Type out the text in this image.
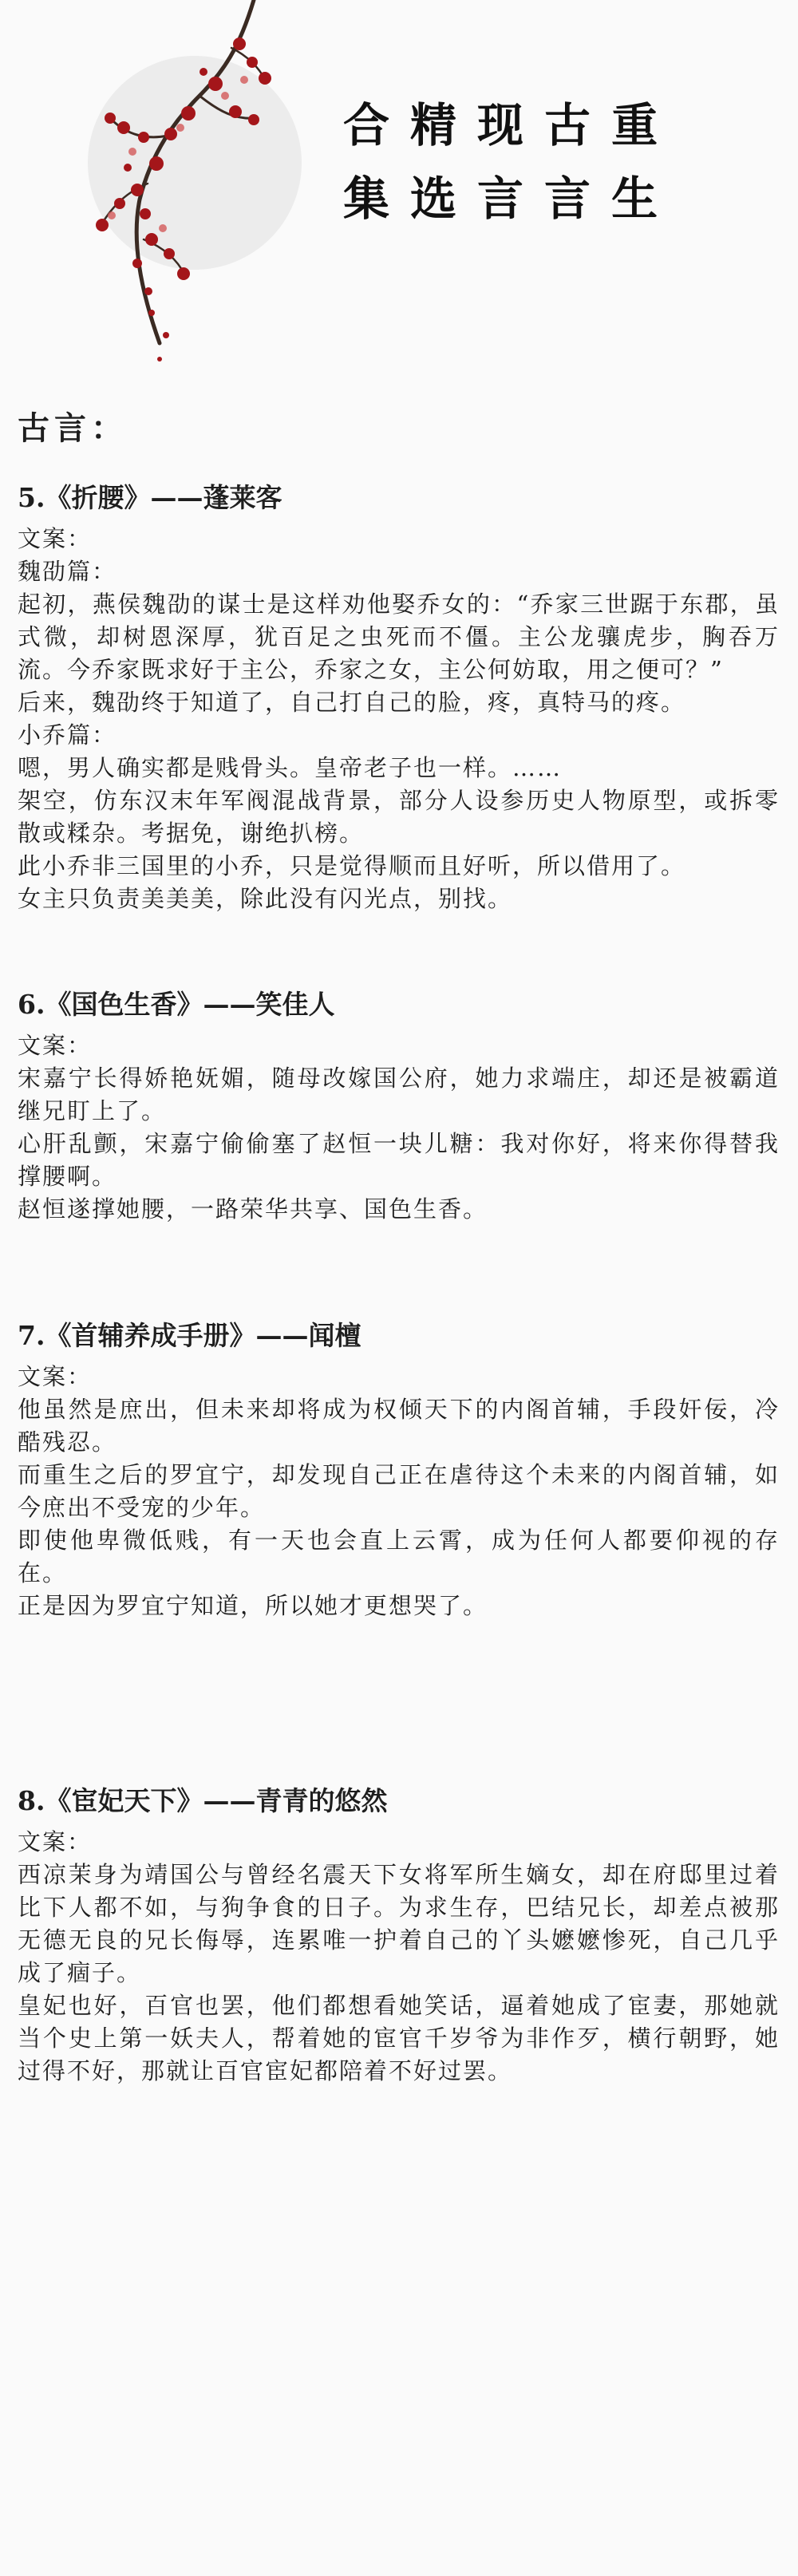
合 精 现 古 重
集 选 言 言 生
古言：
5.《折腰》——蓬莱客

文案：

魏劭篇：

起初，燕侯魏劭的谋士是这样劝他娶乔女的：“乔家三世踞于东郡，虽式微，却树恩深厚，犹百足之虫死而不僵。主公龙骧虎步，胸吞万流。今乔家既求好于主公，乔家之女，主公何妨取，用之便可？”

后来，魏劭终于知道了，自己打自己的脸，疼，真特马的疼。

小乔篇：

嗯，男人确实都是贱骨头。皇帝老子也一样。……

架空，仿东汉末年军阀混战背景，部分人设参历史人物原型，或拆零散或糅杂。考据免，谢绝扒榜。

此小乔非三国里的小乔，只是觉得顺而且好听，所以借用了。

女主只负责美美美，除此没有闪光点，别找。

6.《国色生香》——笑佳人

文案：

宋嘉宁长得娇艳妩媚，随母改嫁国公府，她力求端庄，却还是被霸道继兄盯上了。

心肝乱颤，宋嘉宁偷偷塞了赵恒一块儿糖：我对你好，将来你得替我撑腰啊。

赵恒遂撑她腰，一路荣华共享、国色生香。

7.《首辅养成手册》——闻檀

文案：

他虽然是庶出，但未来却将成为权倾天下的内阁首辅，手段奸佞，冷酷残忍。

而重生之后的罗宜宁，却发现自己正在虐待这个未来的内阁首辅，如今庶出不受宠的少年。

即使他卑微低贱，有一天也会直上云霄，成为任何人都要仰视的存在。

正是因为罗宜宁知道，所以她才更想哭了。

8.《宦妃天下》——青青的悠然

文案：

西凉茉身为靖国公与曾经名震天下女将军所生嫡女，却在府邸里过着比下人都不如，与狗争食的日子。为求生存，巴结兄长，却差点被那无德无良的兄长侮辱，连累唯一护着自己的丫头嬷嬷惨死，自己几乎成了痼子。

皇妃也好，百官也罢，他们都想看她笑话，逼着她成了宦妻，那她就当个史上第一妖夫人，帮着她的宦官千岁爷为非作歹，横行朝野，她过得不好，那就让百官宦妃都陪着不好过罢。
